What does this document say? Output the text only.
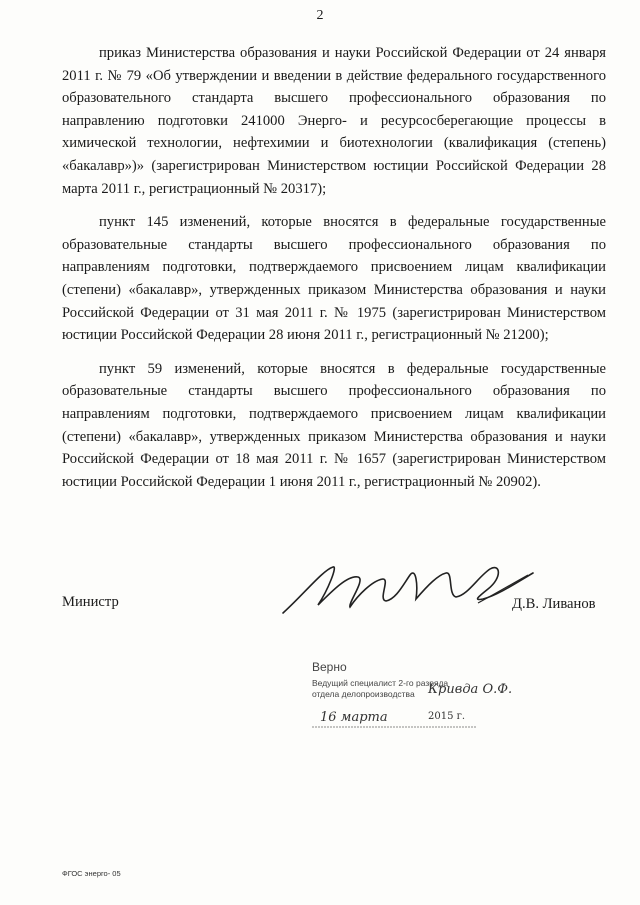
2

приказ Министерства образования и науки Российской Федерации от 24 января 2011 г. № 79 «Об утверждении и введении в действие федерального государственного образовательного стандарта высшего профессионального образования по направлению подготовки 241000 Энерго- и ресурсосберегающие процессы в химической технологии, нефтехимии и биотехнологии (квалификация (степень) «бакалавр»)» (зарегистрирован Министерством юстиции Российской Федерации 28 марта 2011 г., регистрационный № 20317);

пункт 145 изменений, которые вносятся в федеральные государственные образовательные стандарты высшего профессионального образования по направлениям подготовки, подтверждаемого присвоением лицам квалификации (степени) «бакалавр», утвержденных приказом Министерства образования и науки Российской Федерации от 31 мая 2011 г. № 1975 (зарегистрирован Министерством юстиции Российской Федерации 28 июня 2011 г., регистрационный № 21200);

пункт 59 изменений, которые вносятся в федеральные государственные образовательные стандарты высшего профессионального образования по направлениям подготовки, подтверждаемого присвоением лицам квалификации (степени) «бакалавр», утвержденных приказом Министерства образования и науки Российской Федерации от 18 мая 2011 г. № 1657 (зарегистрирован Министерством юстиции Российской Федерации 1 июня 2011 г., регистрационный № 20902).

Министр	Д.В. Ливанов
Верно
Ведущий специалист 2-го разряда
отдела делопроизводства	Кривда О.Ф.
16 марта	2015 г.
ФГОС энерго- 05
